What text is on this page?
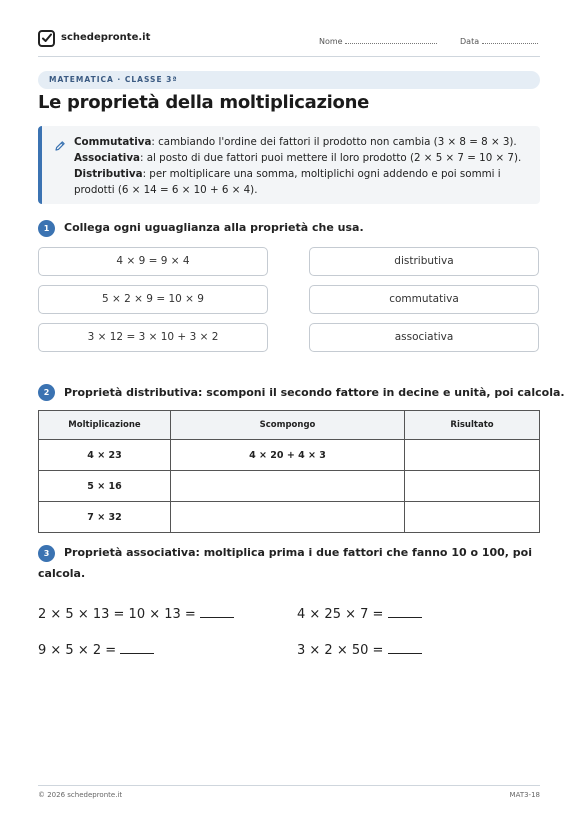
schedepronte.it	Nome	Data
MATEMATICA · CLASSE 3ª
Le proprietà della moltiplicazione
Commutativa: cambiando l'ordine dei fattori il prodotto non cambia (3 × 8 = 8 × 3).
Associativa: al posto di due fattori puoi mettere il loro prodotto (2 × 5 × 7 = 10 × 7).
Distributiva: per moltiplicare una somma, moltiplichi ogni addendo e poi sommi i
prodotti (6 × 14 = 6 × 10 + 6 × 4).
1	Collega ogni uguaglianza alla proprietà che usa.
4 × 9 = 9 × 4
5 × 2 × 9 = 10 × 9
3 × 12 = 3 × 10 + 3 × 2
distributiva
commutativa
associativa
2	Proprietà distributiva: scomponi il secondo fattore in decine e unità, poi calcola.
Moltiplicazione	Scompongo	Risultato
4 × 23	4 × 20 + 4 × 3	
5 × 16		
7 × 32		
3	Proprietà associativa: moltiplica prima i due fattori che fanno 10 o 100, poi
calcola.
2 × 5 × 13 = 10 × 13 =	4 × 25 × 7 =
9 × 5 × 2 =	3 × 2 × 50 =
© 2026 schedepronte.it	MAT3-18
